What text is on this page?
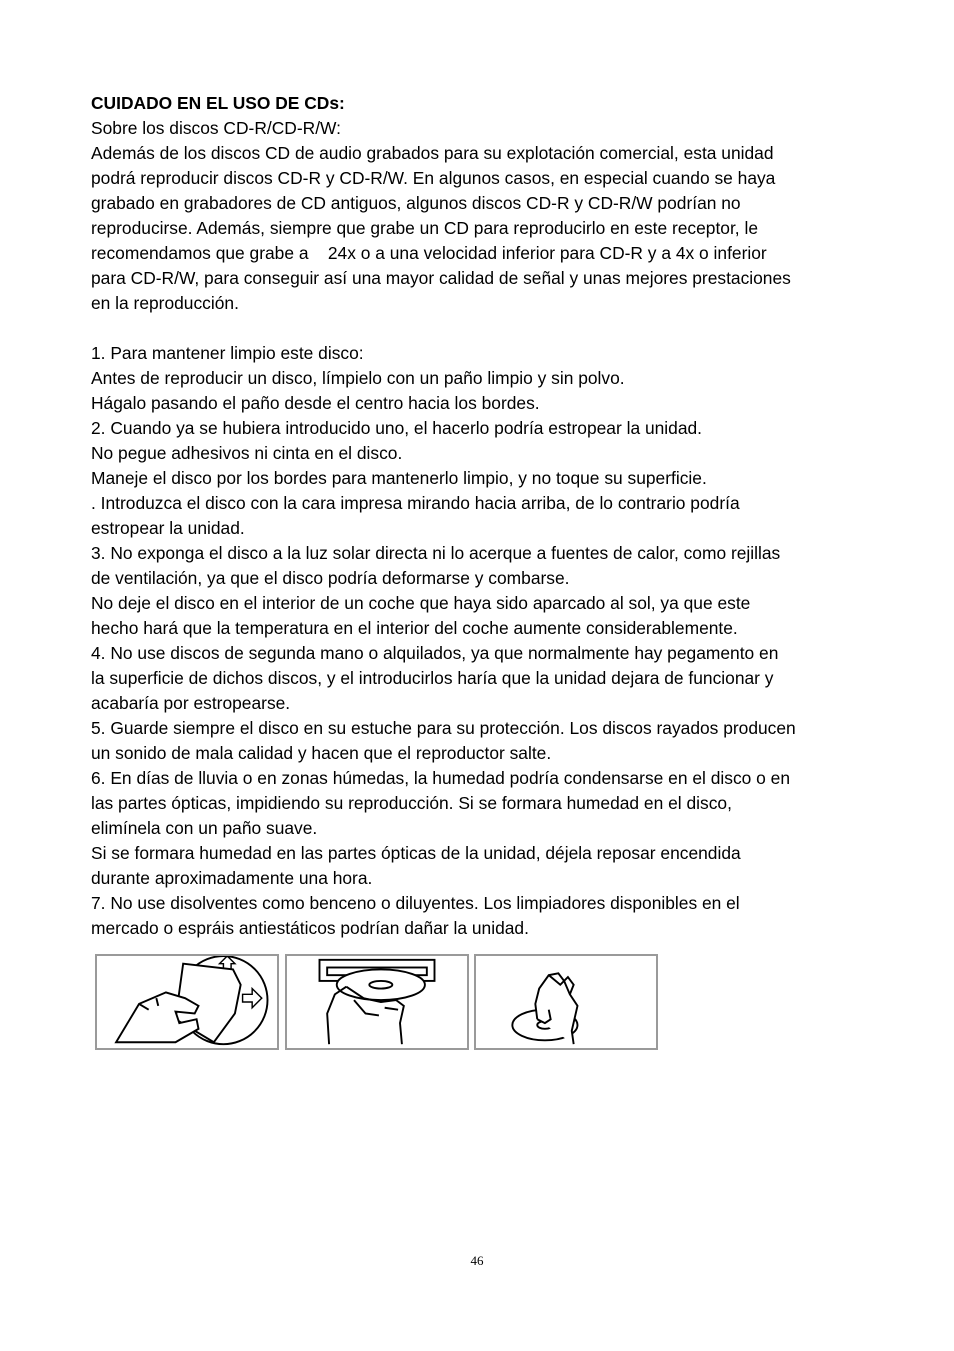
CUIDADO EN EL USO DE CDs:
Sobre los discos CD-R/CD-R/W:
Además de los discos CD de audio grabados para su explotación comercial, esta unidad
podrá reproducir discos CD-R y CD-R/W. En algunos casos, en especial cuando se haya
grabado en grabadores de CD antiguos, algunos discos CD-R y CD-R/W podrían no
reproducirse. Además, siempre que grabe un CD para reproducirlo en este receptor, le
recomendamos que grabe a    24x o a una velocidad inferior para CD-R y a 4x o inferior
para CD-R/W, para conseguir así una mayor calidad de señal y unas mejores prestaciones
en la reproducción.
1. Para mantener limpio este disco:
Antes de reproducir un disco, límpielo con un paño limpio y sin polvo.
Hágalo pasando el paño desde el centro hacia los bordes.
2. Cuando ya se hubiera introducido uno, el hacerlo podría estropear la unidad.
No pegue adhesivos ni cinta en el disco.
Maneje el disco por los bordes para mantenerlo limpio, y no toque su superficie.
. Introduzca el disco con la cara impresa mirando hacia arriba, de lo contrario podría
estropear la unidad.
3. No exponga el disco a la luz solar directa ni lo acerque a fuentes de calor, como rejillas
de ventilación, ya que el disco podría deformarse y combarse.
No deje el disco en el interior de un coche que haya sido aparcado al sol, ya que este
hecho hará que la temperatura en el interior del coche aumente considerablemente.
4. No use discos de segunda mano o alquilados, ya que normalmente hay pegamento en
la superficie de dichos discos, y el introducirlos haría que la unidad dejara de funcionar y
acabaría por estropearse.
5. Guarde siempre el disco en su estuche para su protección. Los discos rayados producen
un sonido de mala calidad y hacen que el reproductor salte.
6. En días de lluvia o en zonas húmedas, la humedad podría condensarse en el disco o en
las partes ópticas, impidiendo su reproducción. Si se formara humedad en el disco,
elimínela con un paño suave.
Si se formara humedad en las partes ópticas de la unidad, déjela reposar encendida
durante aproximadamente una hora.
7. No use disolventes como benceno o diluyentes. Los limpiadores disponibles en el
mercado o espráis antiestáticos podrían dañar la unidad.
46
